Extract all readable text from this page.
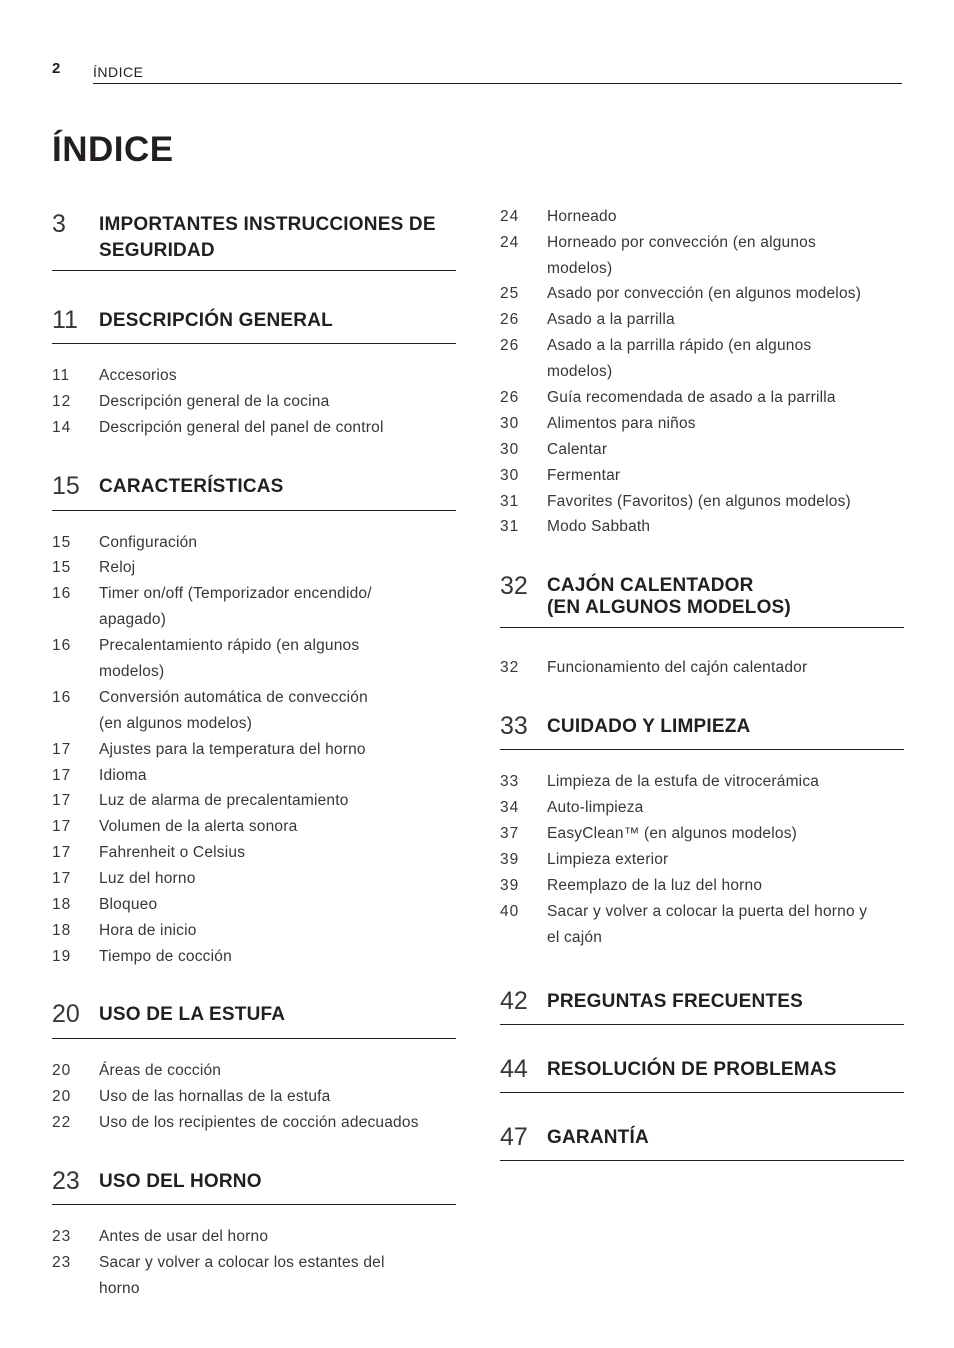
2 ÍNDICE
ÍNDICE
3 IMPORTANTES INSTRUCCIONES DE
SEGURIDAD
11 DESCRIPCIÓN GENERAL
11 Accesorios
12 Descripción general de la cocina
14 Descripción general del panel de control
15 CARACTERÍSTICAS
15 Configuración
15 Reloj
16 Timer on/off (Temporizador encendido/
apagado)
16 Precalentamiento rápido (en algunos
modelos)
16 Conversión automática de convección
(en algunos modelos)
17 Ajustes para la temperatura del horno
17 Idioma
17 Luz de alarma de precalentamiento
17 Volumen de la alerta sonora
17 Fahrenheit o Celsius
17 Luz del horno
18 Bloqueo
18 Hora de inicio
19 Tiempo de cocción
20 USO DE LA ESTUFA
20 Áreas de cocción
20 Uso de las hornallas de la estufa
22 Uso de los recipientes de cocción adecuados
23 USO DEL HORNO
23 Antes de usar del horno
23 Sacar y volver a colocar los estantes del
horno
24 Horneado
24 Horneado por convección (en algunos
modelos)
25 Asado por convección (en algunos modelos)
26 Asado a la parrilla
26 Asado a la parrilla rápido (en algunos
modelos)
26 Guía recomendada de asado a la parrilla
30 Alimentos para niños
30 Calentar
30 Fermentar
31 Favorites (Favoritos) (en algunos modelos)
31 Modo Sabbath
32 CAJÓN CALENTADOR
(EN ALGUNOS MODELOS)
32 Funcionamiento del cajón calentador
33 CUIDADO Y LIMPIEZA
33 Limpieza de la estufa de vitrocerámica
34 Auto-limpieza
37 EasyClean™ (en algunos modelos)
39 Limpieza exterior
39 Reemplazo de la luz del horno
40 Sacar y volver a colocar la puerta del horno y
el cajón
42 PREGUNTAS FRECUENTES
44 RESOLUCIÓN DE PROBLEMAS
47 GARANTÍA
